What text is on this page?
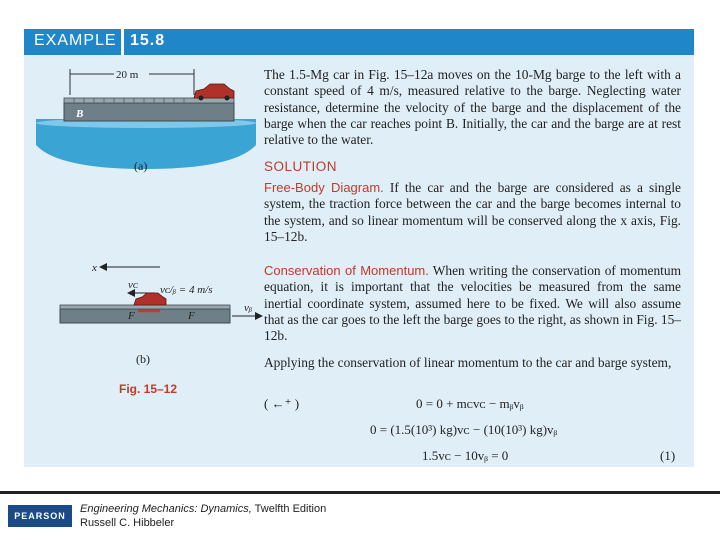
EXAMPLE 15.8
20 m
B
(a)
x
vᴄ vᴄ/ᵦ = 4 m/s
F	F
vᵦ
(b)
Fig. 15–12
The 1.5-Mg car in Fig. 15–12a moves on the 10-Mg barge to the left with a constant speed of 4 m/s, measured relative to the barge. Neglecting water resistance, determine the velocity of the barge and the displacement of the barge when the car reaches point B. Initially, the car and the barge are at rest relative to the water.
SOLUTION
Free-Body Diagram. If the car and the barge are considered as a single system, the traction force between the car and the barge becomes internal to the system, and so linear momentum will be conserved along the x axis, Fig. 15–12b.
Conservation of Momentum. When writing the conservation of momentum equation, it is important that the velocities be measured from the same inertial coordinate system, assumed here to be fixed. We will also assume that as the car goes to the left the barge goes to the right, as shown in Fig. 15–12b.
Applying the conservation of linear momentum to the car and barge system,
( ←⁺ )	0 = 0 + mᴄvᴄ − mᵦvᵦ
0 = (1.5(10³) kg)vᴄ − (10(10³) kg)vᵦ
1.5vᴄ − 10vᵦ = 0	(1)
PEARSON
Engineering Mechanics: Dynamics, Twelfth Edition
Russell C. Hibbeler
